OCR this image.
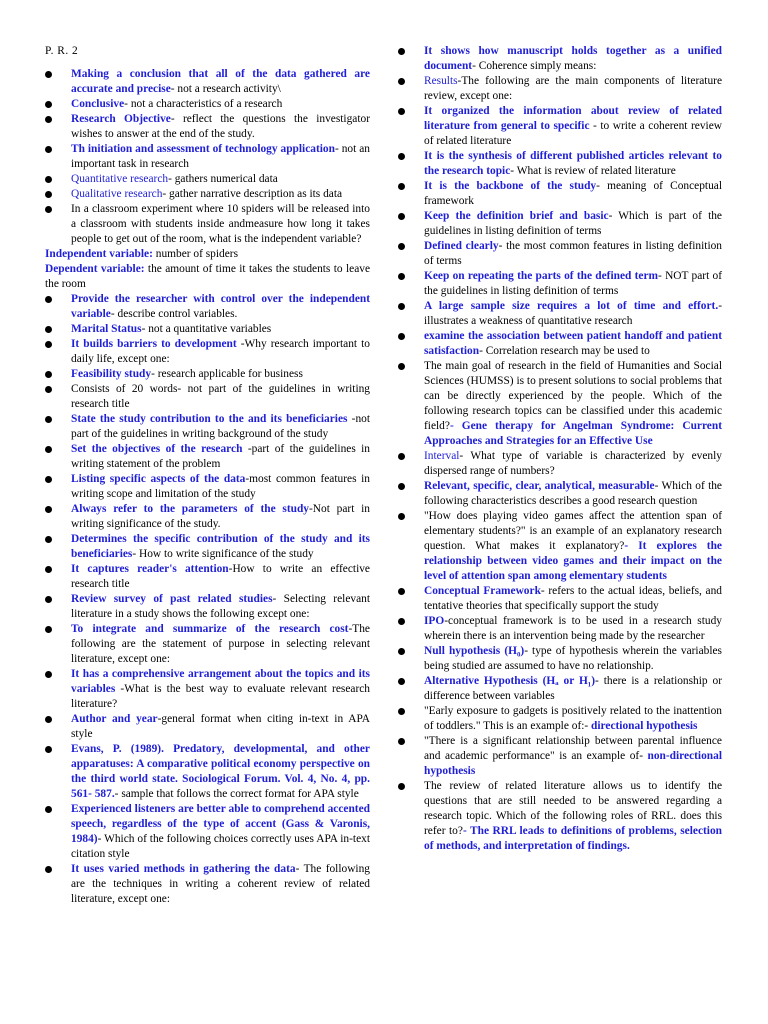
P. R. 2

Making a conclusion that all of the data gathered are accurate and precise- not a research activity\

Conclusive- not a characteristics of a research

Research Objective- reflect the questions the investigator wishes to answer at the end of the study.

Th initiation and assessment of technology application- not an important task in research

Quantitative research- gathers numerical data

Qualitative research- gather narrative description as its data

In a classroom experiment where 10 spiders will be released into a classroom with students inside andmeasure how long it takes people to get out of the room, what is the independent variable?

Independent variable: number of spiders

Dependent variable: the amount of time it takes the students to leave the room

Provide the researcher with control over the independent variable- describe control variables.

Marital Status- not a quantitative variables

It builds barriers to development -Why research important to daily life, except one:

Feasibility study- research applicable for business

Consists of 20 words- not part of the guidelines in writing research title

State the study contribution to the and its beneficiaries -not part of the guidelines in writing background of the study

Set the objectives of the research -part of the guidelines in writing statement of the problem

Listing specific aspects of the data-most common features in writing scope and limitation of the study

Always refer to the parameters of the study-Not part in writing significance of the study.

Determines the specific contribution of the study and its beneficiaries- How to write significance of the study

It captures reader's attention-How to write an effective research title

Review survey of past related studies- Selecting relevant literature in a study shows the following except one:

To integrate and summarize of the research cost-The following are the statement of purpose in selecting relevant literature, except one:

It has a comprehensive arrangement about the topics and its variables -What is the best way to evaluate relevant research literature?

Author and year-general format when citing in-text in APA style

Evans, P. (1989). Predatory, developmental, and other apparatuses: A comparative political economy perspective on the third world state. Sociological Forum. Vol. 4, No. 4, pp. 561- 587.- sample that follows the correct format for APA style

Experienced listeners are better able to comprehend accented speech, regardless of the type of accent (Gass & Varonis, 1984)- Which of the following choices correctly uses APA in-text citation style

It uses varied methods in gathering the data- The following are the techniques in writing a coherent review of related literature, except one:

It shows how manuscript holds together as a unified document- Coherence simply means:

Results-The following are the main components of literature review, except one:

It organized the information about review of related literature from general to specific - to write a coherent review of related literature

It is the synthesis of different published articles relevant to the research topic- What is review of related literature

It is the backbone of the study- meaning of Conceptual framework

Keep the definition brief and basic- Which is part of the guidelines in listing definition of terms

Defined clearly- the most common features in listing definition of terms

Keep on repeating the parts of the defined term- NOT part of the guidelines in listing definition of terms

A large sample size requires a lot of time and effort.- illustrates a weakness of quantitative research

examine the association between patient handoff and patient satisfaction- Correlation research may be used to

The main goal of research in the field of Humanities and Social Sciences (HUMSS) is to present solutions to social problems that can be directly experienced by the people. Which of the following research topics can be classified under this academic field?- Gene therapy for Angelman Syndrome: Current Approaches and Strategies for an Effective Use

Interval- What type of variable is characterized by evenly dispersed range of numbers?

Relevant, specific, clear, analytical, measurable- Which of the following characteristics describes a good research question

"How does playing video games affect the attention span of elementary students?" is an example of an explanatory research question. What makes it explanatory?- It explores the relationship between video games and their impact on the level of attention span among elementary students

Conceptual Framework- refers to the actual ideas, beliefs, and tentative theories that specifically support the study

IPO-conceptual framework is to be used in a research study wherein there is an intervention being made by the researcher

Null hypothesis (H₀)- type of hypothesis wherein the variables being studied are assumed to have no relationship.

Alternative Hypothesis (Hₐ or H₁)- there is a relationship or difference between variables

"Early exposure to gadgets is positively related to the inattention of toddlers." This is an example of:- directional hypothesis

"There is a significant relationship between parental influence and academic performance" is an example of- non-directional hypothesis

The review of related literature allows us to identify the questions that are still needed to be answered regarding a research topic. Which of the following roles of RRL. does this refer to?- The RRL leads to definitions of problems, selection of methods, and interpretation of findings.
